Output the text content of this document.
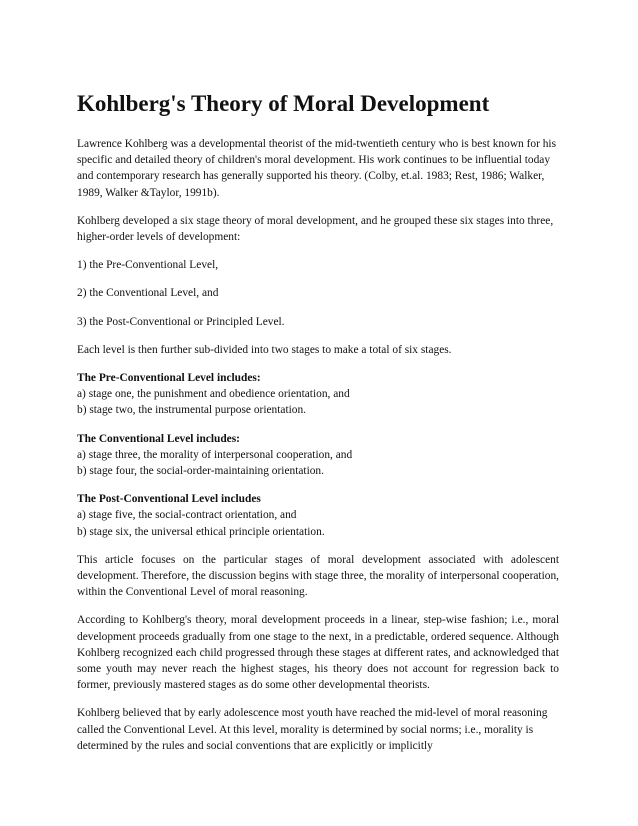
Kohlberg's Theory of Moral Development

Lawrence Kohlberg was a developmental theorist of the mid-twentieth century who is best known for his specific and detailed theory of children's moral development. His work continues to be influential today and contemporary research has generally supported his theory. (Colby, et.al. 1983; Rest, 1986; Walker, 1989, Walker &Taylor, 1991b).

Kohlberg developed a six stage theory of moral development, and he grouped these six stages into three, higher-order levels of development:

1) the Pre-Conventional Level,

2) the Conventional Level, and

3) the Post-Conventional or Principled Level.

Each level is then further sub-divided into two stages to make a total of six stages.

The Pre-Conventional Level includes:
a) stage one, the punishment and obedience orientation, and
b) stage two, the instrumental purpose orientation.
The Conventional Level includes:
a) stage three, the morality of interpersonal cooperation, and
b) stage four, the social-order-maintaining orientation.
The Post-Conventional Level includes
a) stage five, the social-contract orientation, and
b) stage six, the universal ethical principle orientation.

This article focuses on the particular stages of moral development associated with adolescent development. Therefore, the discussion begins with stage three, the morality of interpersonal cooperation, within the Conventional Level of moral reasoning.

According to Kohlberg's theory, moral development proceeds in a linear, step-wise fashion; i.e., moral development proceeds gradually from one stage to the next, in a predictable, ordered sequence. Although Kohlberg recognized each child progressed through these stages at different rates, and acknowledged that some youth may never reach the highest stages, his theory does not account for regression back to former, previously mastered stages as do some other developmental theorists.

Kohlberg believed that by early adolescence most youth have reached the mid-level of moral reasoning called the Conventional Level. At this level, morality is determined by social norms; i.e., morality is determined by the rules and social conventions that are explicitly or implicitly
